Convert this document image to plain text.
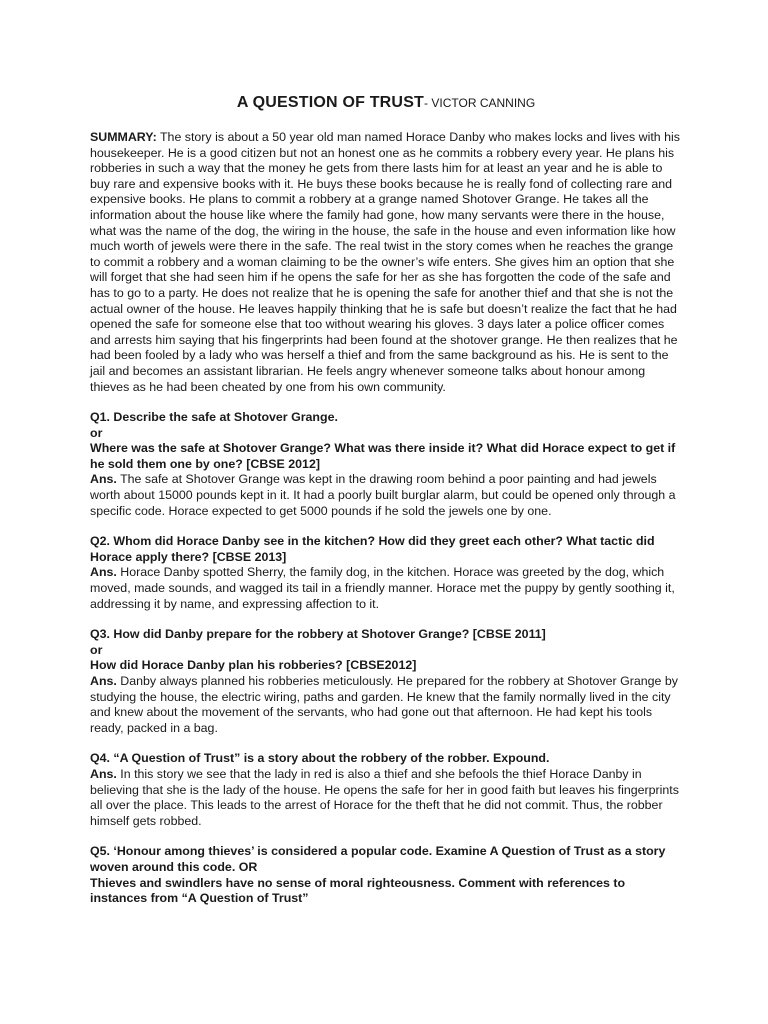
A QUESTION OF TRUST- VICTOR CANNING

SUMMARY: The story is about a 50 year old man named Horace Danby who makes locks and lives with his housekeeper. He is a good citizen but not an honest one as he commits a robbery every year. He plans his robberies in such a way that the money he gets from there lasts him for at least an year and he is able to buy rare and expensive books with it. He buys these books because he is really fond of collecting rare and expensive books. He plans to commit a robbery at a grange named Shotover Grange. He takes all the information about the house like where the family had gone, how many servants were there in the house, what was the name of the dog, the wiring in the house, the safe in the house and even information like how much worth of jewels were there in the safe. The real twist in the story comes when he reaches the grange to commit a robbery and a woman claiming to be the owner’s wife enters. She gives him an option that she will forget that she had seen him if he opens the safe for her as she has forgotten the code of the safe and has to go to a party. He does not realize that he is opening the safe for another thief and that she is not the actual owner of the house. He leaves happily thinking that he is safe but doesn’t realize the fact that he had opened the safe for someone else that too without wearing his gloves. 3 days later a police officer comes and arrests him saying that his fingerprints had been found at the shotover grange. He then realizes that he had been fooled by a lady who was herself a thief and from the same background as his. He is sent to the jail and becomes an assistant librarian. He feels angry whenever someone talks about honour among thieves as he had been cheated by one from his own community.

Q1. Describe the safe at Shotover Grange.

or

Where was the safe at Shotover Grange? What was there inside it? What did Horace expect to get if he sold them one by one? [CBSE 2012]

Ans. The safe at Shotover Grange was kept in the drawing room behind a poor painting and had jewels worth about 15000 pounds kept in it. It had a poorly built burglar alarm, but could be opened only through a specific code. Horace expected to get 5000 pounds if he sold the jewels one by one.

Q2. Whom did Horace Danby see in the kitchen? How did they greet each other? What tactic did Horace apply there? [CBSE 2013]

Ans. Horace Danby spotted Sherry, the family dog, in the kitchen. Horace was greeted by the dog, which moved, made sounds, and wagged its tail in a friendly manner. Horace met the puppy by gently soothing it, addressing it by name, and expressing affection to it.

Q3. How did Danby prepare for the robbery at Shotover Grange? [CBSE 2011]

or

How did Horace Danby plan his robberies? [CBSE2012]

Ans. Danby always planned his robberies meticulously. He prepared for the robbery at Shotover Grange by studying the house, the electric wiring, paths and garden. He knew that the family normally lived in the city and knew about the movement of the servants, who had gone out that afternoon. He had kept his tools ready, packed in a bag.

Q4. “A Question of Trust” is a story about the robbery of the robber. Expound.

Ans. In this story we see that the lady in red is also a thief and she befools the thief Horace Danby in believing that she is the lady of the house. He opens the safe for her in good faith but leaves his fingerprints all over the place. This leads to the arrest of Horace for the theft that he did not commit. Thus, the robber himself gets robbed.

Q5. ‘Honour among thieves’ is considered a popular code. Examine A Question of Trust as a story woven around this code. OR

Thieves and swindlers have no sense of moral righteousness. Comment with references to instances from “A Question of Trust”
